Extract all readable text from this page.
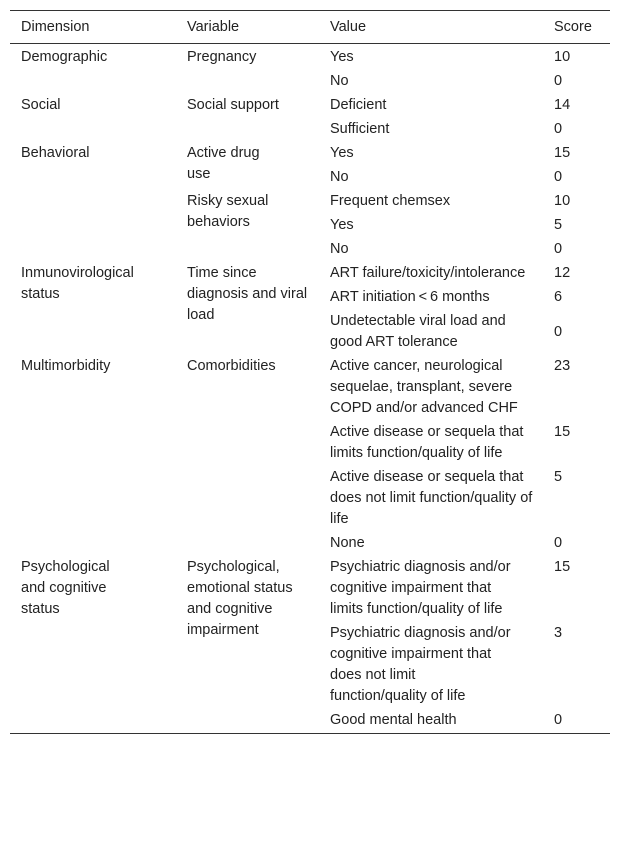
Dimension	Variable	Value	Score
Demographic	Pregnancy	Yes	10
		No	0
Social	Social support	Deficient	14
		Sufficient	0
Behavioral	Active drug use	Yes	15
		No	0
	Risky sexual behaviors	Frequent chemsex	10
		Yes	5
		No	0
Inmunovirological status	Time since diagnosis and viral load	ART failure/toxicity/intolerance	12
		ART initiation < 6 months	6
		Undetectable viral load and good ART tolerance	0
Multimorbidity	Comorbidities	Active cancer, neurological sequelae, transplant, severe COPD and/or advanced CHF	23
		Active disease or sequela that limits function/quality of life	15
		Active disease or sequela that does not limit function/quality of life	5
		None	0
Psychological and cognitive status	Psychological, emotional status and cognitive impairment	Psychiatric diagnosis and/or cognitive impairment that limits function/quality of life	15
		Psychiatric diagnosis and/or cognitive impairment that does not limit function/quality of life	3
		Good mental health	0
